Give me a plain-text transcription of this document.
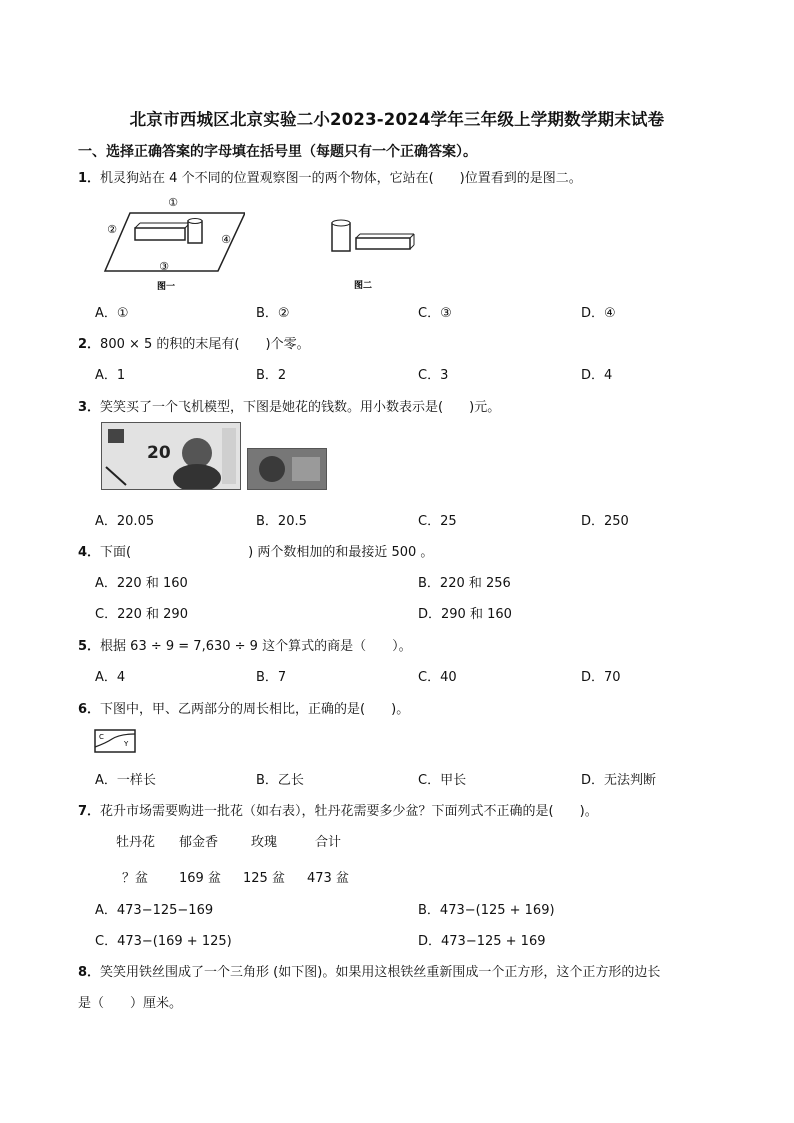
北京市西城区北京实验二小2023-2024学年三年级上学期数学期末试卷
一、选择正确答案的字母填在括号里（每题只有一个正确答案）。
1．机灵狗站在 4 个不同的位置观察图一的两个物体，它站在(　　)位置看到的是图二。
①
②
③
④
图一	图二
A．①	B．②	C．③	D．④
2．800 × 5 的积的末尾有(　　)个零。
A．1	B．2	C．3	D．4
3．笑笑买了一个飞机模型，下图是她花的钱数。用小数表示是(　　)元。
20
A．20.05	B．20.5	C．25	D．250
4．下面(　　　　　　　　　) 两个数相加的和最接近 500 。
A．220 和 160	B．220 和 256
C．220 和 290	D．290 和 160
5．根据 63 ÷ 9 = 7,630 ÷ 9 这个算式的商是（　　）。
A．4	B．7	C．40	D．70
6．下图中，甲、乙两部分的周长相比，正确的是(　　)。
C
Y
A．一样长	B．乙长	C．甲长	D．无法判断
7．花升市场需要购进一批花（如右表），牡丹花需要多少盆？下面列式不正确的是(　　)。
牡丹花 郁金香	玫瑰	合计
？盆 169 盆 125 盆 473 盆
A．473−125−169	B．473−(125 + 169)
C．473−(169 + 125)	D．473−125 + 169
8．笑笑用铁丝围成了一个三角形 (如下图)。如果用这根铁丝重新围成一个正方形，这个正方形的边长
是（　　）厘米。
